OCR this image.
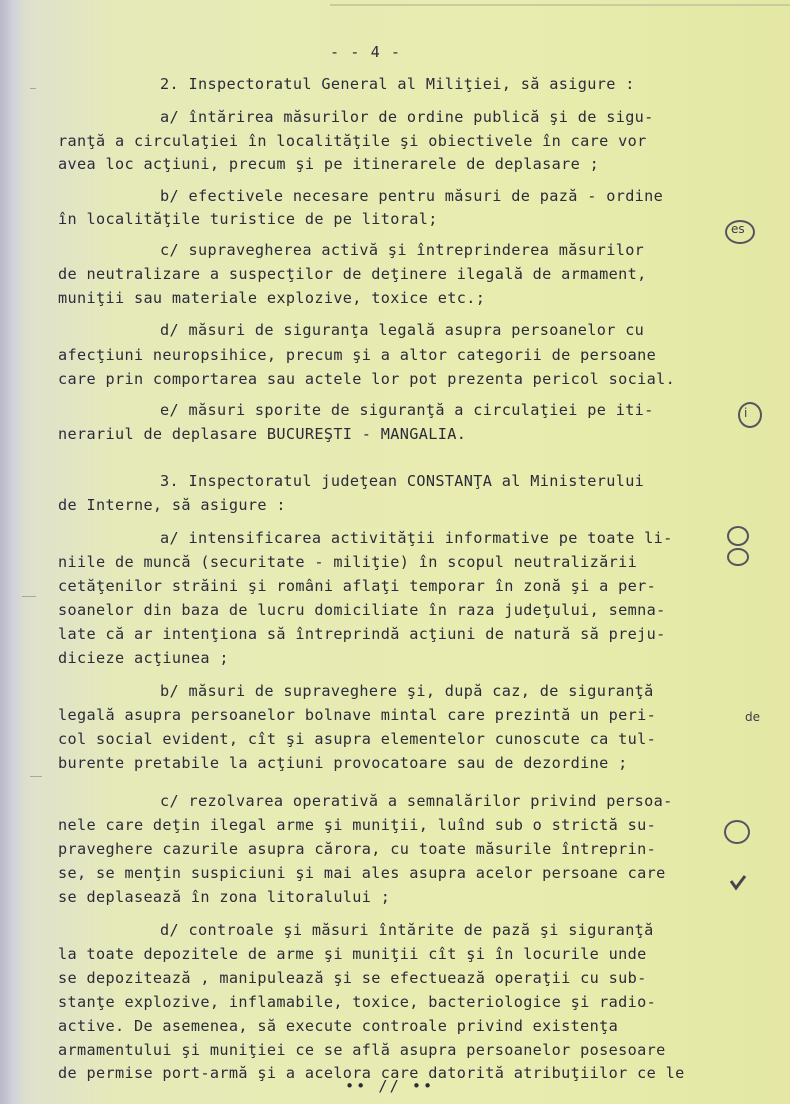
- - 4 -
2. Inspectoratul General al Miliţiei, să asigure :
a/ întărirea măsurilor de ordine publică şi de sigu-
ranţă a circulaţiei în localităţile şi obiectivele în care vor
avea loc acţiuni, precum şi pe itinerarele de deplasare ;
b/ efectivele necesare pentru măsuri de pază - ordine
în localităţile turistice de pe litoral;
c/ supravegherea activă şi întreprinderea măsurilor
de neutralizare a suspecţilor de deţinere ilegală de armament,
muniţii sau materiale explozive, toxice etc.;
d/ măsuri de siguranţa legală asupra persoanelor cu
afecţiuni neuropsihice, precum şi a altor categorii de persoane
care prin comportarea sau actele lor pot prezenta pericol social.
e/ măsuri sporite de siguranţă a circulaţiei pe iti-
nerariul de deplasare BUCUREŞTI - MANGALIA.
3. Inspectoratul judeţean CONSTANŢA al Ministerului
de Interne, să asigure :
a/ intensificarea activităţii informative pe toate li-
niile de muncă (securitate - miliţie) în scopul neutralizării
cetăţenilor străini şi români aflaţi temporar în zonă şi a per-
soanelor din baza de lucru domiciliate în raza judeţului, semna-
late că ar intenţiona să întreprindă acţiuni de natură să preju-
dicieze acţiunea ;
b/ măsuri de supraveghere şi, după caz, de siguranţă
legală asupra persoanelor bolnave mintal care prezintă un peri-
col social evident, cît şi asupra elementelor cunoscute ca tul-
burente pretabile la acţiuni provocatoare sau de dezordine ;
c/ rezolvarea operativă a semnalărilor privind persoa-
nele care deţin ilegal arme şi muniţii, luînd sub o strictă su-
praveghere cazurile asupra cărora, cu toate măsurile întreprin-
se, se menţin suspiciuni şi mai ales asupra acelor persoane care
se deplasează în zona litoralului ;
d/ controale şi măsuri întărite de pază şi siguranţă
la toate depozitele de arme şi muniţii cît şi în locurile unde
se depozitează , manipulează şi se efectuează operaţii cu sub-
stanţe explozive, inflamabile, toxice, bacteriologice şi radio-
active. De asemenea, să execute controale privind existenţa
armamentului şi muniţiei ce se află asupra persoanelor posesoare
de permise port-armă şi a acelora care datorită atribuţiilor ce le
•• // ••
es
i
de
